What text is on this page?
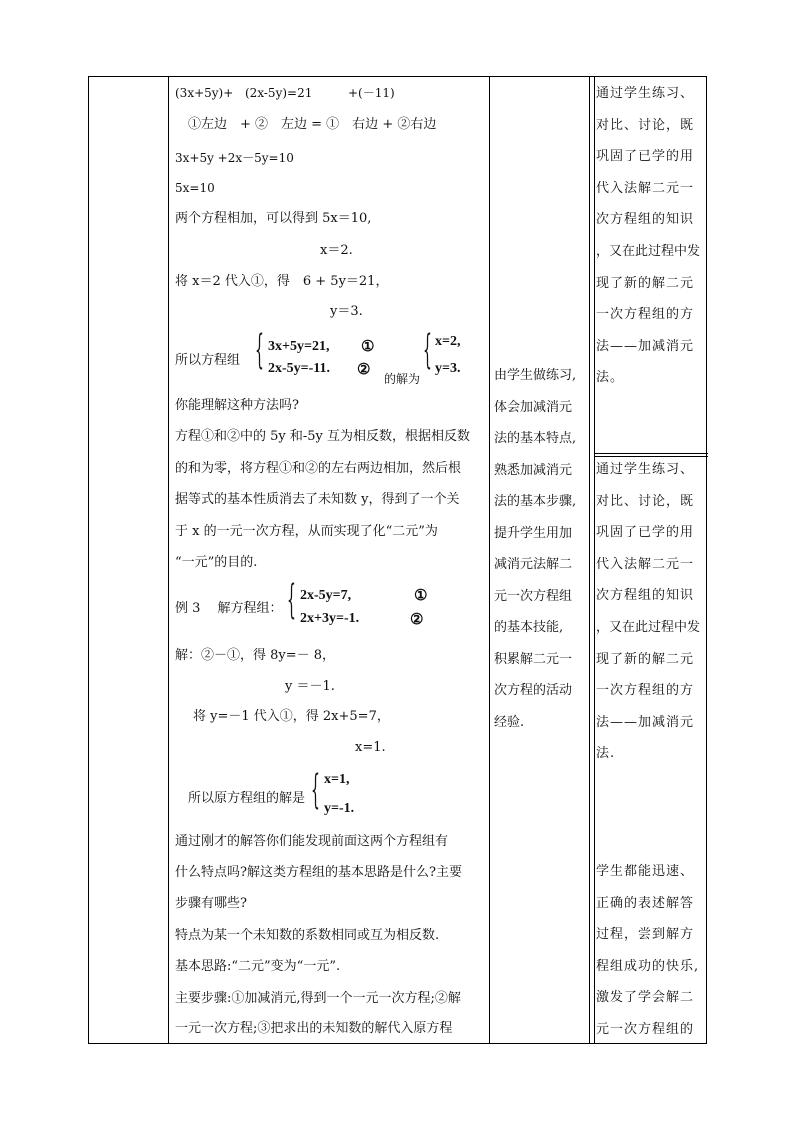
(3x+5y)+ (2x-5y)=21	+(－11)
①左边　+ ②　左边 = ①　右边 + ②右边
3x+5y +2x－5y=10
5x=10
两个方程相加，可以得到 5x＝10,
x＝2.
将 x＝2 代入①，得　6 + 5y＝21，
y＝3.
所以方程组 { 3x+5y=21,
2x-5y=-11.
①
②
的解为
{ x=2,
y=3.
你能理解这种方法吗?
方程①和②中的 5y 和-5y 互为相反数，根据相反数
的和为零，将方程①和②的左右两边相加，然后根
据等式的基本性质消去了未知数 y，得到了一个关
于 x 的一元一次方程，从而实现了化“二元”为
“一元”的目的.
例 3　 解方程组： { 2x-5y=7,
2x+3y=-1.
①
②
解：②－①，得 8y=－ 8，
y ＝－1.
将 y=－1 代入①，得 2x+5=7，
x=1.
所以原方程组的解是 { x=1,
y=-1.
通过刚才的解答你们能发现前面这两个方程组有
什么特点吗?解这类方程组的基本思路是什么?主要
步骤有哪些?
特点为某一个未知数的系数相同或互为相反数.
基本思路:“二元”变为“一元”.
主要步骤:①加减消元,得到一个一元一次方程;②解
一元一次方程;③把求出的未知数的解代入原方程
由学生做练习,
体会加减消元
法的基本特点,
熟悉加减消元
法的基本步骤,
提升学生用加
减消元法解二
元一次方程组
的基本技能,
积累解二元一
次方程的活动
经验.
通过学生练习、
对比、讨论，既
巩固了已学的用
代入法解二元一
次方程组的知识
，又在此过程中发
现了新的解二元
一次方程组的方
法——加减消元
法。
通过学生练习、
对比、讨论，既
巩固了已学的用
代入法解二元一
次方程组的知识
，又在此过程中发
现了新的解二元
一次方程组的方
法——加减消元
法.
学生都能迅速、
正确的表述解答
过程，尝到解方
程组成功的快乐,
激发了学会解二
元一次方程组的
